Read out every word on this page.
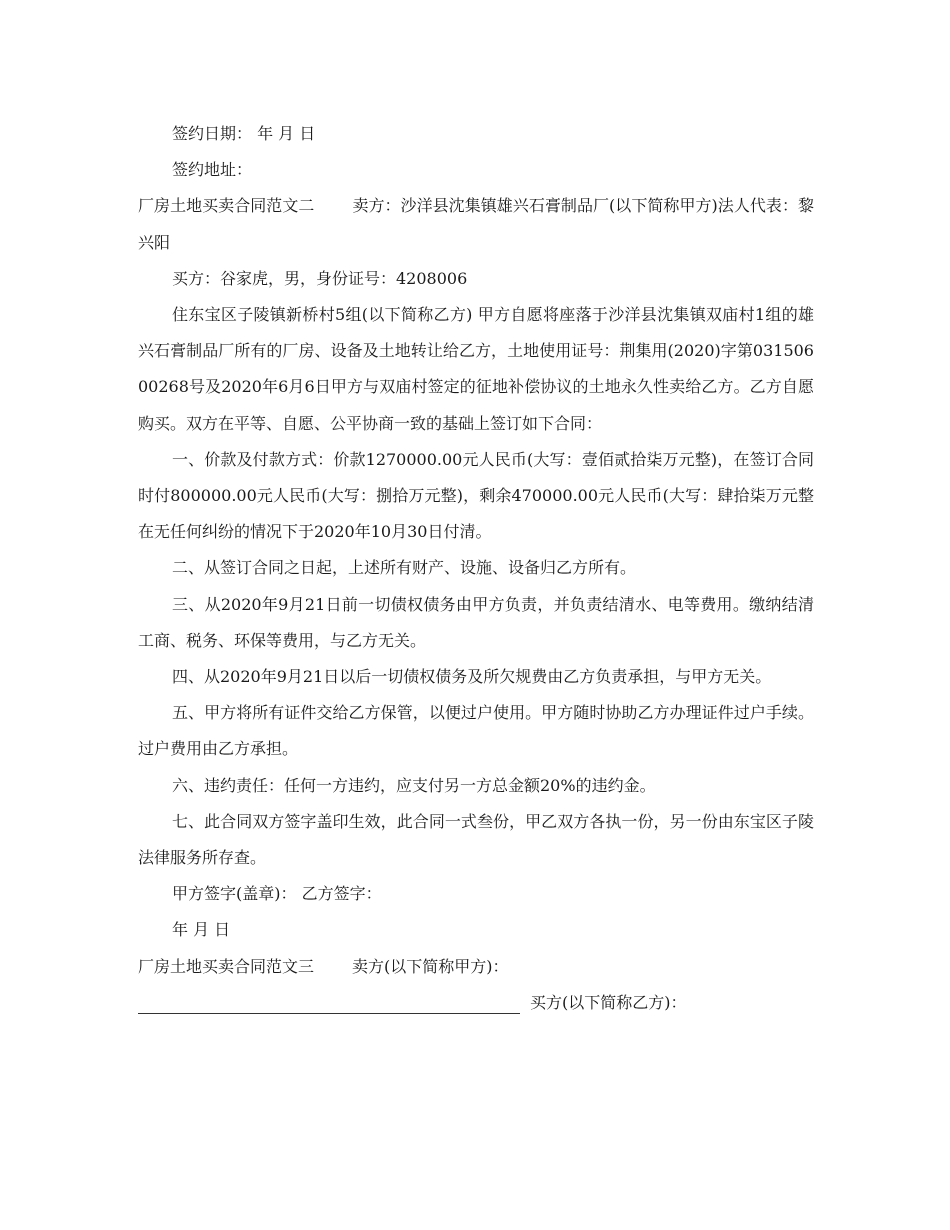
签约日期： 年 月 日

签约地址：

厂房土地买卖合同范文二 卖方：沙洋县沈集镇雄兴石膏制品厂(以下简称甲方)法人代表：黎兴阳

买方：谷家虎，男，身份证号：4208006

住东宝区子陵镇新桥村5组(以下简称乙方) 甲方自愿将座落于沙洋县沈集镇双庙村1组的雄兴石膏制品厂所有的厂房、设备及土地转让给乙方，土地使用证号：荆集用(2020)字第03150600268号及2020年6月6日甲方与双庙村签定的征地补偿协议的土地永久性卖给乙方。乙方自愿购买。双方在平等、自愿、公平协商一致的基础上签订如下合同：

一、价款及付款方式：价款1270000.00元人民币(大写：壹佰贰拾柒万元整)，在签订合同时付800000.00元人民币(大写：捌拾万元整)，剩余470000.00元人民币(大写：肆拾柒万元整在无任何纠纷的情况下于2020年10月30日付清。

二、从签订合同之日起，上述所有财产、设施、设备归乙方所有。

三、从2020年9月21日前一切债权债务由甲方负责，并负责结清水、电等费用。缴纳结清工商、税务、环保等费用，与乙方无关。

四、从2020年9月21日以后一切债权债务及所欠规费由乙方负责承担，与甲方无关。

五、甲方将所有证件交给乙方保管，以便过户使用。甲方随时协助乙方办理证件过户手续。过户费用由乙方承担。

六、违约责任：任何一方违约，应支付另一方总金额20%的违约金。

七、此合同双方签字盖印生效，此合同一式叁份，甲乙双方各执一份，另一份由东宝区子陵法律服务所存查。

甲方签字(盖章)： 乙方签字：

年 月 日

厂房土地买卖合同范文三 卖方(以下简称甲方)：

买方(以下简称乙方)：
